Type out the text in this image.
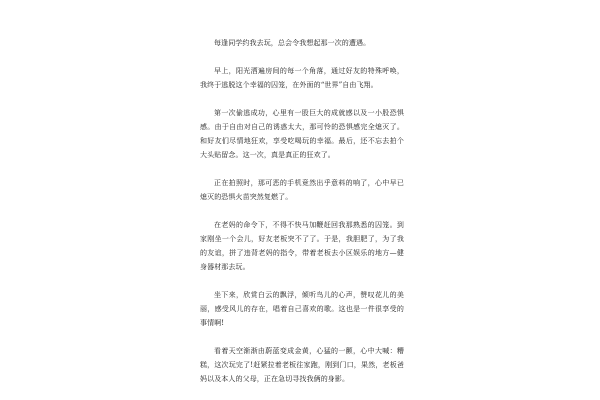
每逢同学约我去玩，总会令我想起那一次的遭遇。

早上，阳光洒遍房间的每一个角落，通过好友的特殊呼唤，我终于逃脱这个幸福的囚笼，在外面的“世界”自由飞翔。

第一次偷逃成功，心里有一股巨大的成就感以及一小股恐惧感。由于自由对自己的诱惑太大，那可怜的恐惧感完全熄灭了。和好友们尽情地狂欢，享受吃喝玩的幸福。最后，还不忘去拍个大头贴留念。这一次，真是真正的狂欢了。

正在拍照时，那可恶的手机竟然出乎意料的响了，心中早已熄灭的恐惧火苗突然复燃了。

在老妈的命令下，不得不快马加鞭赶回我那熟悉的囚笼。到家刚坐一个会儿，好友老板突不了了。于是，我胆肥了，为了我的友谊，拼了违背老妈的指令，带着老板去小区娱乐的地方—健身器材那去玩。

坐下来，欣赏白云的飘浮，倾听鸟儿的心声，赞叹花儿的美丽，感受风儿的存在，唱着自己喜欢的歌。这也是一件很享受的事情啊!

看着天空渐渐由蔚蓝变成金黄，心猛的一颤，心中大喊：糟糕，这次玩完了!赶紧拉着老板往家跑，刚到门口，果然，老板爸妈以及本人的父母，正在急切寻找我俩的身影。
